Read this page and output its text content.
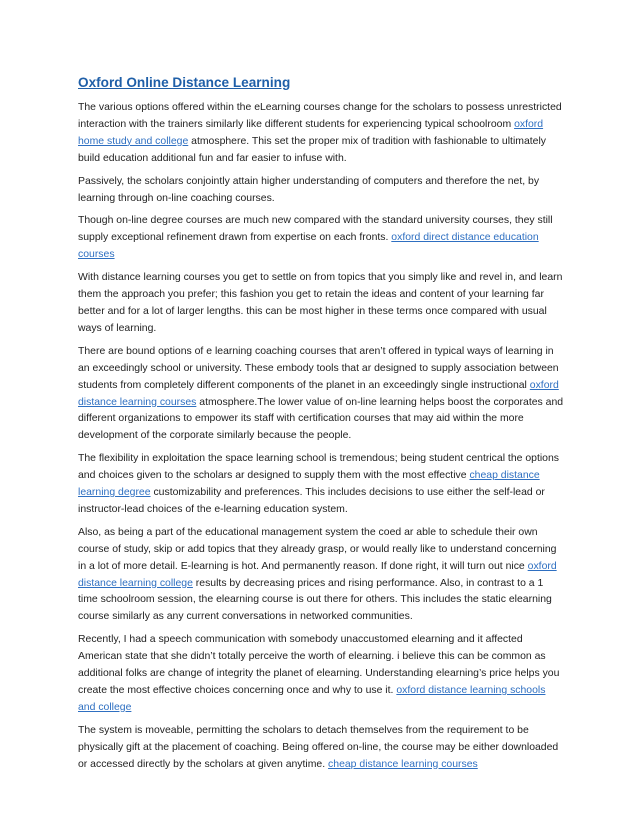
Oxford Online Distance Learning

The various options offered within the eLearning courses change for the scholars to possess unrestricted interaction with the trainers similarly like different students for experiencing typical schoolroom oxford home study and college atmosphere. This set the proper mix of tradition with fashionable to ultimately build education additional fun and far easier to infuse with.

Passively, the scholars conjointly attain higher understanding of computers and therefore the net, by learning through on-line coaching courses.

Though on-line degree courses are much new compared with the standard university courses, they still supply exceptional refinement drawn from expertise on each fronts. oxford direct distance education courses

With distance learning courses you get to settle on from topics that you simply like and revel in, and learn them the approach you prefer; this fashion you get to retain the ideas and content of your learning far better and for a lot of larger lengths. this can be most higher in these terms once compared with usual ways of learning.

There are bound options of e learning coaching courses that aren’t offered in typical ways of learning in an exceedingly school or university. These embody tools that ar designed to supply association between students from completely different components of the planet in an exceedingly single instructional oxford distance learning courses atmosphere.The lower value of on-line learning helps boost the corporates and different organizations to empower its staff with certification courses that may aid within the more development of the corporate similarly because the people.

The flexibility in exploitation the space learning school is tremendous; being student centrical the options and choices given to the scholars ar designed to supply them with the most effective cheap distance learning degree customizability and preferences. This includes decisions to use either the self-lead or instructor-lead choices of the e-learning education system.

Also, as being a part of the educational management system the coed ar able to schedule their own course of study, skip or add topics that they already grasp, or would really like to understand concerning in a lot of more detail. E-learning is hot. And permanently reason. If done right, it will turn out nice oxford distance learning college results by decreasing prices and rising performance. Also, in contrast to a 1 time schoolroom session, the elearning course is out there for others. This includes the static elearning course similarly as any current conversations in networked communities.

Recently, I had a speech communication with somebody unaccustomed elearning and it affected American state that she didn’t totally perceive the worth of elearning. i believe this can be common as additional folks are change of integrity the planet of elearning. Understanding elearning’s price helps you create the most effective choices concerning once and why to use it. oxford distance learning schools and college

The system is moveable, permitting the scholars to detach themselves from the requirement to be physically gift at the placement of coaching. Being offered on-line, the course may be either downloaded or accessed directly by the scholars at given anytime. cheap distance learning courses
